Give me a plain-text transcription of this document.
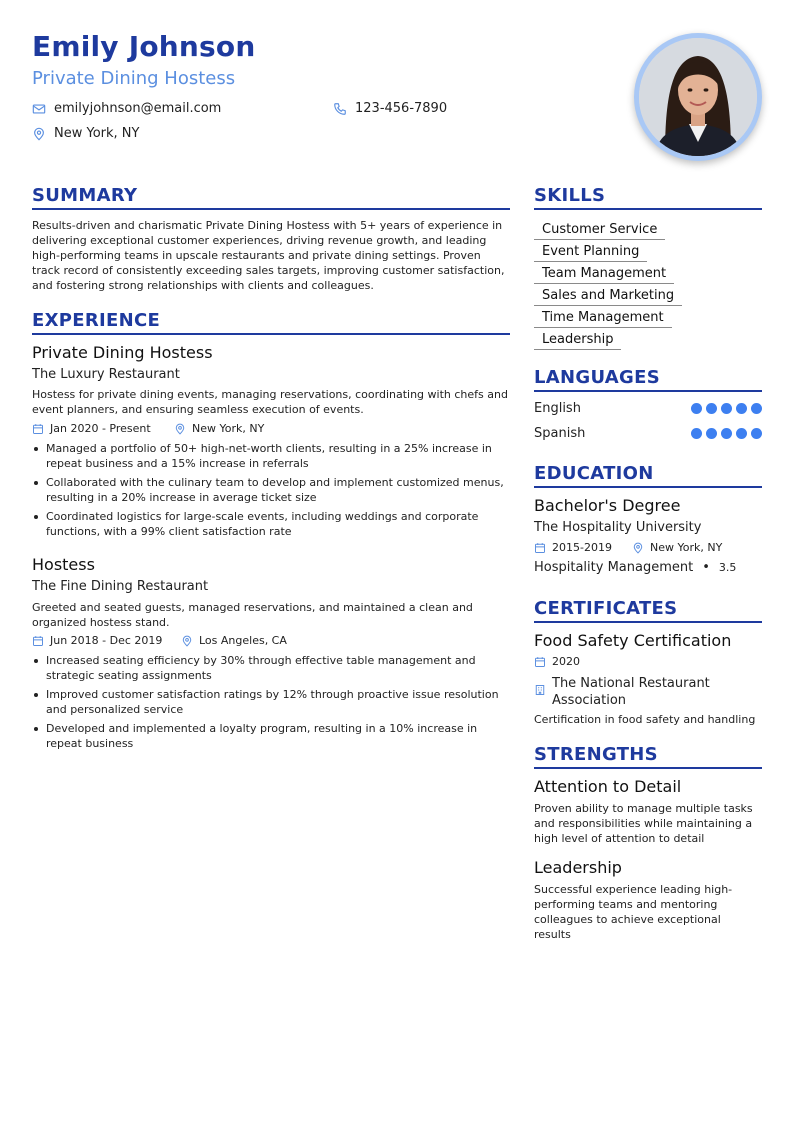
Emily Johnson
Private Dining Hostess
emilyjohnson@email.com	123-456-7890
New York, NY
SUMMARY
Results-driven and charismatic Private Dining Hostess with 5+ years of experience in delivering exceptional customer experiences, driving revenue growth, and leading high-performing teams in upscale restaurants and private dining settings. Proven track record of consistently exceeding sales targets, improving customer satisfaction, and fostering strong relationships with clients and colleagues.
EXPERIENCE
Private Dining Hostess
The Luxury Restaurant
Hostess for private dining events, managing reservations, coordinating with chefs and event planners, and ensuring seamless execution of events.
Jan 2020 - Present	New York, NY
Managed a portfolio of 50+ high-net-worth clients, resulting in a 25% increase in repeat business and a 15% increase in referrals
Collaborated with the culinary team to develop and implement customized menus, resulting in a 20% increase in average ticket size
Coordinated logistics for large-scale events, including weddings and corporate functions, with a 99% client satisfaction rate
Hostess
The Fine Dining Restaurant
Greeted and seated guests, managed reservations, and maintained a clean and organized hostess stand.
Jun 2018 - Dec 2019	Los Angeles, CA
Increased seating efficiency by 30% through effective table management and strategic seating assignments
Improved customer satisfaction ratings by 12% through proactive issue resolution and personalized service
Developed and implemented a loyalty program, resulting in a 10% increase in repeat business
SKILLS
Customer Service
Event Planning
Team Management
Sales and Marketing
Time Management
Leadership
LANGUAGES
English
Spanish
EDUCATION
Bachelor's Degree
The Hospitality University
2015-2019	New York, NY
Hospitality Management • 3.5
CERTIFICATES
Food Safety Certification
2020
The National Restaurant Association
Certification in food safety and handling
STRENGTHS
Attention to Detail
Proven ability to manage multiple tasks and responsibilities while maintaining a high level of attention to detail
Leadership
Successful experience leading high-performing teams and mentoring colleagues to achieve exceptional results
